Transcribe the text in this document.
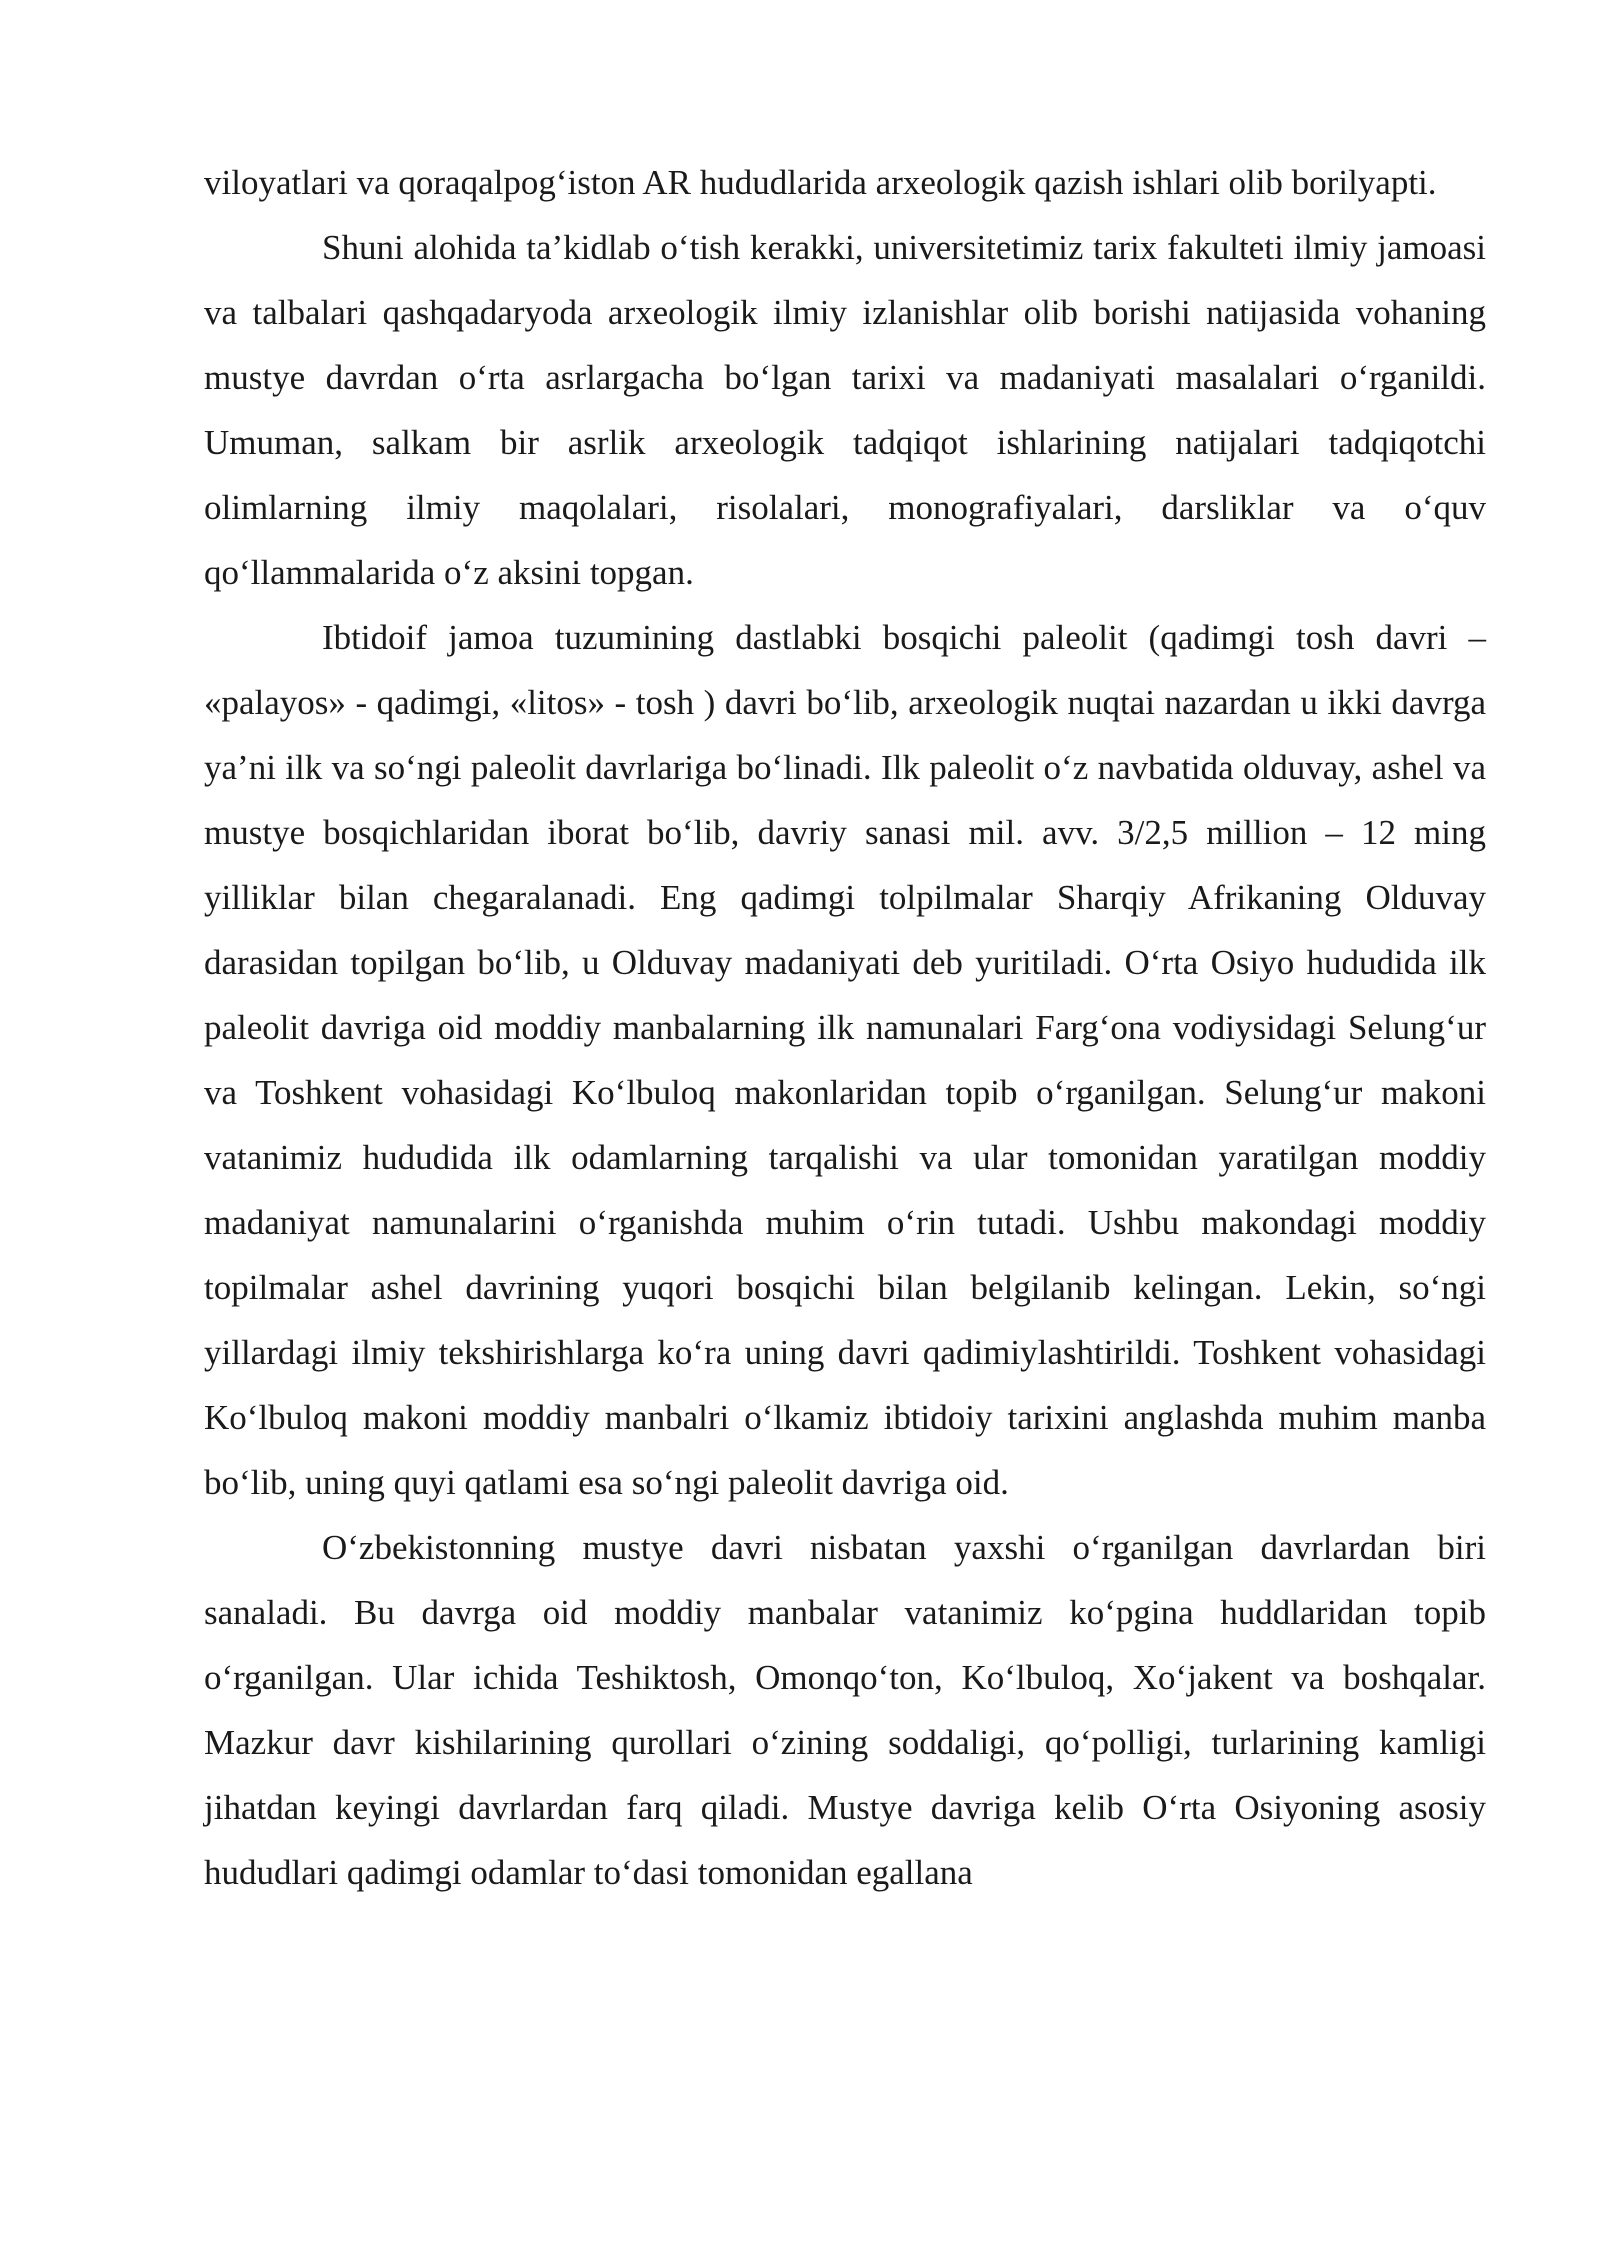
viloyatlari va qoraqalpog‘iston AR hududlarida arxeologik qazish ishlari olib borilyapti.

Shuni alohida ta’kidlab o‘tish kerakki, universitetimiz tarix fakulteti ilmiy jamoasi va talbalari qashqadaryoda arxeologik ilmiy izlanishlar olib borishi natijasida vohaning mustye davrdan o‘rta asrlargacha bo‘lgan tarixi va madaniyati masalalari o‘rganildi. Umuman, salkam bir asrlik arxeologik tadqiqot ishlarining natijalari tadqiqotchi olimlarning ilmiy maqolalari, risolalari, monografiyalari, darsliklar va o‘quv qo‘llammalarida o‘z aksini topgan.

Ibtidoif jamoa tuzumining dastlabki bosqichi paleolit (qadimgi tosh davri – «palayos» - qadimgi, «litos» - tosh ) davri bo‘lib, arxeologik nuqtai nazardan u ikki davrga ya’ni ilk va so‘ngi paleolit davrlariga bo‘linadi. Ilk paleolit o‘z navbatida olduvay, ashel va mustye bosqichlaridan iborat bo‘lib, davriy sanasi mil. avv. 3/2,5 million – 12 ming yilliklar bilan chegaralanadi. Eng qadimgi tolpilmalar Sharqiy Afrikaning Olduvay darasidan topilgan bo‘lib, u Olduvay madaniyati deb yuritiladi. O‘rta Osiyo hududida ilk paleolit davriga oid moddiy manbalarning ilk namunalari Farg‘ona vodiysidagi Selung‘ur va Toshkent vohasidagi Ko‘lbuloq makonlaridan topib o‘rganilgan. Selung‘ur makoni vatanimiz hududida ilk odamlarning tarqalishi va ular tomonidan yaratilgan moddiy madaniyat namunalarini o‘rganishda muhim o‘rin tutadi. Ushbu makondagi moddiy topilmalar ashel davrining yuqori bosqichi bilan belgilanib kelingan. Lekin, so‘ngi yillardagi ilmiy tekshirishlarga ko‘ra uning davri qadimiylashtirildi. Toshkent vohasidagi Ko‘lbuloq makoni moddiy manbalri o‘lkamiz ibtidoiy tarixini anglashda muhim manba bo‘lib, uning quyi qatlami esa so‘ngi paleolit davriga oid.

O‘zbekistonning mustye davri nisbatan yaxshi o‘rganilgan davrlardan biri sanaladi. Bu davrga oid moddiy manbalar vatanimiz ko‘pgina huddlaridan topib o‘rganilgan. Ular ichida Teshiktosh, Omonqo‘ton, Ko‘lbuloq, Xo‘jakent va boshqalar. Mazkur davr kishilarining qurollari o‘zining soddaligi, qo‘polligi, turlarining kamligi jihatdan keyingi davrlardan farq qiladi. Mustye davriga kelib O‘rta Osiyoning asosiy hududlari qadimgi odamlar to‘dasi tomonidan egallana
